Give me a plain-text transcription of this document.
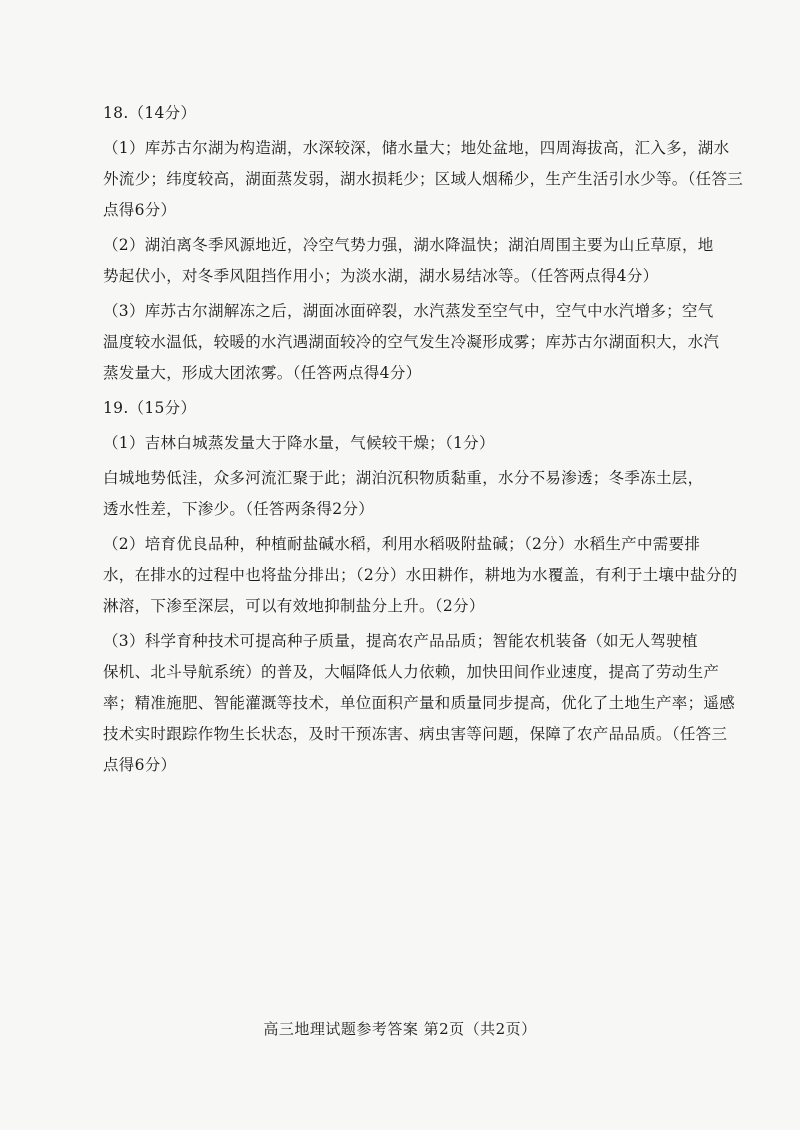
18.（14分）
（1）库苏古尔湖为构造湖，水深较深，储水量大；地处盆地，四周海拔高，汇入多，湖水
外流少；纬度较高，湖面蒸发弱，湖水损耗少；区域人烟稀少，生产生活引水少等。（任答三
点得6分）
（2）湖泊离冬季风源地近，冷空气势力强，湖水降温快；湖泊周围主要为山丘草原，地
势起伏小，对冬季风阻挡作用小；为淡水湖，湖水易结冰等。（任答两点得4分）
（3）库苏古尔湖解冻之后，湖面冰面碎裂，水汽蒸发至空气中，空气中水汽增多；空气
温度较水温低，较暖的水汽遇湖面较冷的空气发生冷凝形成雾；库苏古尔湖面积大，水汽
蒸发量大，形成大团浓雾。（任答两点得4分）
19.（15分）
（1）吉林白城蒸发量大于降水量，气候较干燥；（1分）
白城地势低洼，众多河流汇聚于此；湖泊沉积物质黏重，水分不易渗透；冬季冻土层，
透水性差，下渗少。（任答两条得2分）
（2）培育优良品种，种植耐盐碱水稻，利用水稻吸附盐碱；（2分）水稻生产中需要排
水，在排水的过程中也将盐分排出；（2分）水田耕作，耕地为水覆盖，有利于土壤中盐分的
淋溶，下渗至深层，可以有效地抑制盐分上升。（2分）
（3）科学育种技术可提高种子质量，提高农产品品质；智能农机装备（如无人驾驶植
保机、北斗导航系统）的普及，大幅降低人力依赖，加快田间作业速度，提高了劳动生产
率；精准施肥、智能灌溉等技术，单位面积产量和质量同步提高，优化了土地生产率；遥感
技术实时跟踪作物生长状态，及时干预冻害、病虫害等问题，保障了农产品品质。（任答三
点得6分）
高三地理试题参考答案 第2页（共2页）
